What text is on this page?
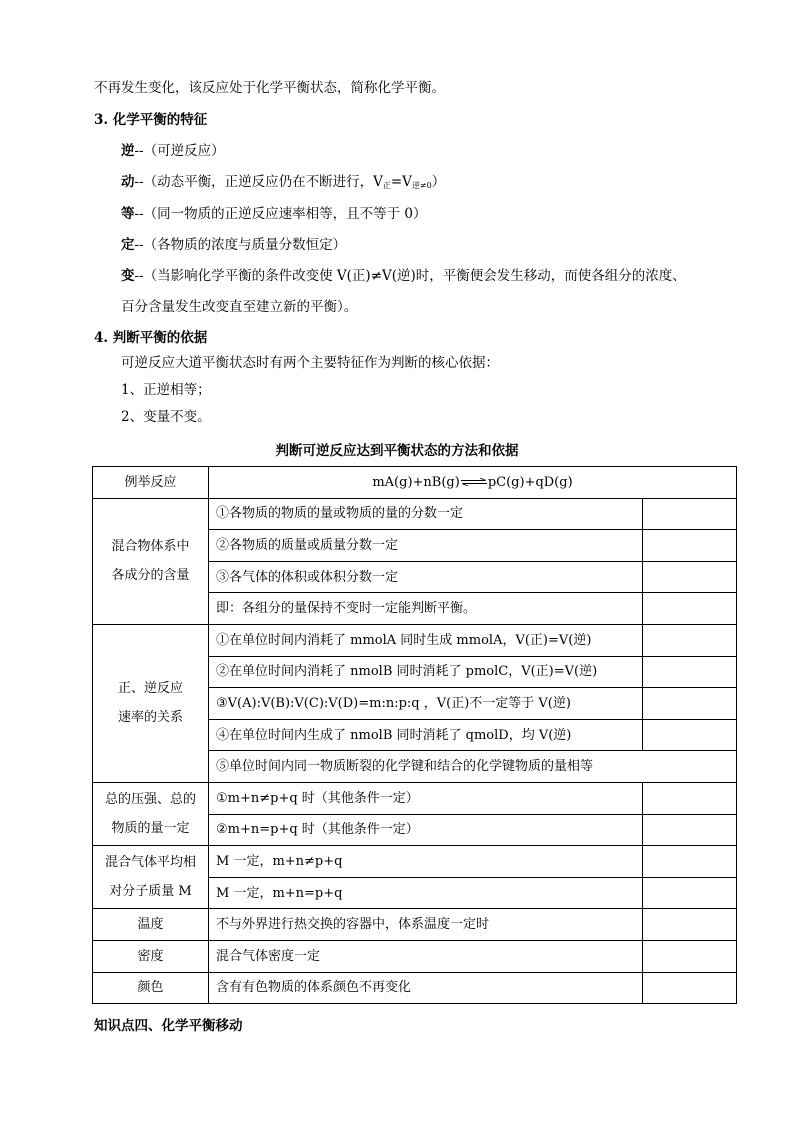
不再发生变化，该反应处于化学平衡状态，简称化学平衡。
3. 化学平衡的特征
逆--（可逆反应）
动--（动态平衡，正逆反应仍在不断进行，$V_正=V_{逆\ne 0}$）
等--（同一物质的正逆反应速率相等，且不等于 0）
定--（各物质的浓度与质量分数恒定）
变--（当影响化学平衡的条件改变使 V(正)≠V(逆)时，平衡便会发生移动，而使各组分的浓度、
百分含量发生改变直至建立新的平衡）。
4. 判断平衡的依据
可逆反应大道平衡状态时有两个主要特征作为判断的核心依据：
1、正逆相等；
2、变量不变。
判断可逆反应达到平衡状态的方法和依据
例举反应	mA(g)+nB(g)⇌pC(g)+qD(g)	
混合物体系中
各成分的含量	①各物质的物质的量或物质的量的分数一定	
	②各物质的质量或质量分数一定	
	③各气体的体积或体积分数一定	
	即：各组分的量保持不变时一定能判断平衡。	
正、逆反应
速率的关系	①在单位时间内消耗了 mmolA 同时生成 mmolA，V(正)=V(逆)	
	②在单位时间内消耗了 nmolB 同时消耗了 pmolC，V(正)=V(逆)	
	③V(A):V(B):V(C):V(D)=m:n:p:q ，V(正)不一定等于 V(逆)	
	④在单位时间内生成了 nmolB 同时消耗了 qmolD，均 V(逆)	
	⑤单位时间内同一物质断裂的化学键和结合的化学键物质的量相等	
总的压强、总的
物质的量一定	①m+n≠p+q 时（其他条件一定）	
	②m+n=p+q 时（其他条件一定）	
混合气体平均相
对分子质量 M	M 一定，m+n≠p+q	
	M 一定，m+n=p+q	
温度	不与外界进行热交换的容器中，体系温度一定时	
密度	混合气体密度一定	
颜色	含有有色物质的体系颜色不再变化	
知识点四、化学平衡移动
